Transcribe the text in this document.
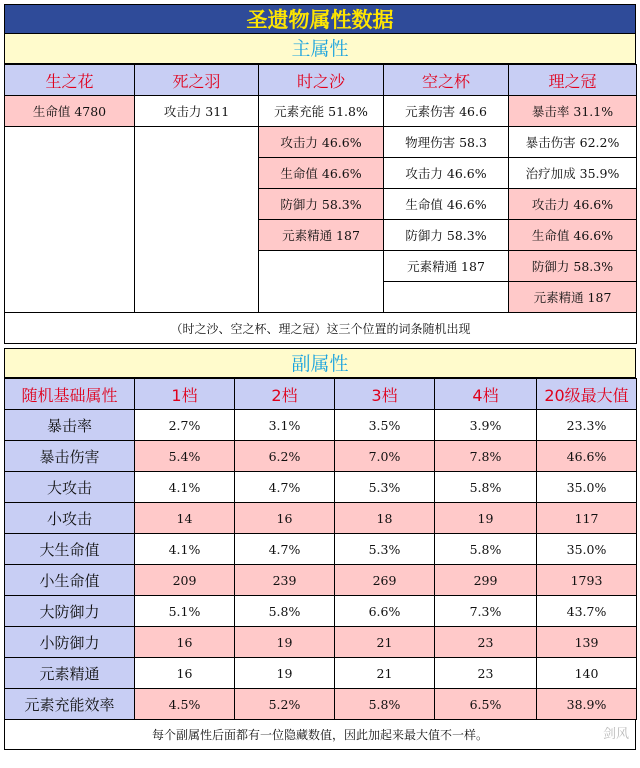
圣遗物属性数据
主属性
生之花	死之羽	时之沙	空之杯	理之冠
生命值 4780	攻击力 311	元素充能 51.8%	元素伤害 46.6	暴击率 31.1%
		攻击力 46.6%	物理伤害 58.3	暴击伤害 62.2%
		生命值 46.6%	攻击力 46.6%	治疗加成 35.9%
		防御力 58.3%	生命值 46.6%	攻击力 46.6%
		元素精通 187	防御力 58.3%	生命值 46.6%
			元素精通 187	防御力 58.3%
				元素精通 187
（时之沙、空之杯、理之冠）这三个位置的词条随机出现				
副属性
随机基础属性	1档	2档	3档	4档	20级最大值
暴击率	2.7%	3.1%	3.5%	3.9%	23.3%
暴击伤害	5.4%	6.2%	7.0%	7.8%	46.6%
大攻击	4.1%	4.7%	5.3%	5.8%	35.0%
小攻击	14	16	18	19	117
大生命值	4.1%	4.7%	5.3%	5.8%	35.0%
小生命值	209	239	269	299	1793
大防御力	5.1%	5.8%	6.6%	7.3%	43.7%
小防御力	16	19	21	23	139
元素精通	16	19	21	23	140
元素充能效率	4.5%	5.2%	5.8%	6.5%	38.9%
每个副属性后面都有一位隐藏数值，因此加起来最大值不一样。	剑风
